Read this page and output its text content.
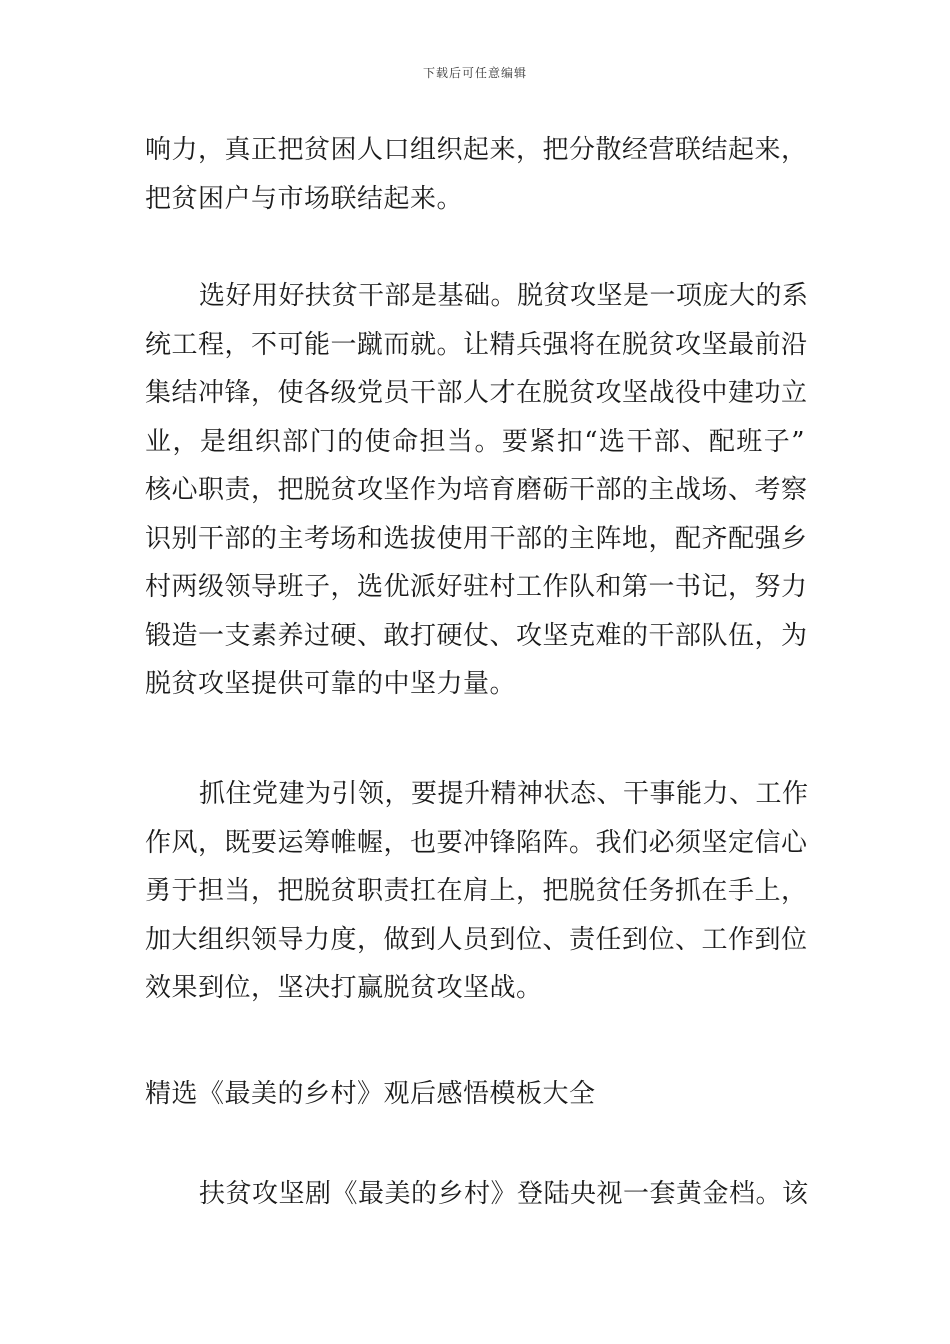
下载后可任意编辑
响力，真正把贫困人口组织起来，把分散经营联结起来，
把贫困户与市场联结起来。
选好用好扶贫干部是基础。脱贫攻坚是一项庞大的系
统工程，不可能一蹴而就。让精兵强将在脱贫攻坚最前沿
集结冲锋，使各级党员干部人才在脱贫攻坚战役中建功立
业，是组织部门的使命担当。要紧扣“选干部、配班子”
核心职责，把脱贫攻坚作为培育磨砺干部的主战场、考察
识别干部的主考场和选拔使用干部的主阵地，配齐配强乡
村两级领导班子，选优派好驻村工作队和第一书记，努力
锻造一支素养过硬、敢打硬仗、攻坚克难的干部队伍，为
脱贫攻坚提供可靠的中坚力量。
抓住党建为引领，要提升精神状态、干事能力、工作
作风，既要运筹帷幄，也要冲锋陷阵。我们必须坚定信心
勇于担当，把脱贫职责扛在肩上，把脱贫任务抓在手上，
加大组织领导力度，做到人员到位、责任到位、工作到位
效果到位，坚决打赢脱贫攻坚战。
精选《最美的乡村》观后感悟模板大全
扶贫攻坚剧《最美的乡村》登陆央视一套黄金档。该
